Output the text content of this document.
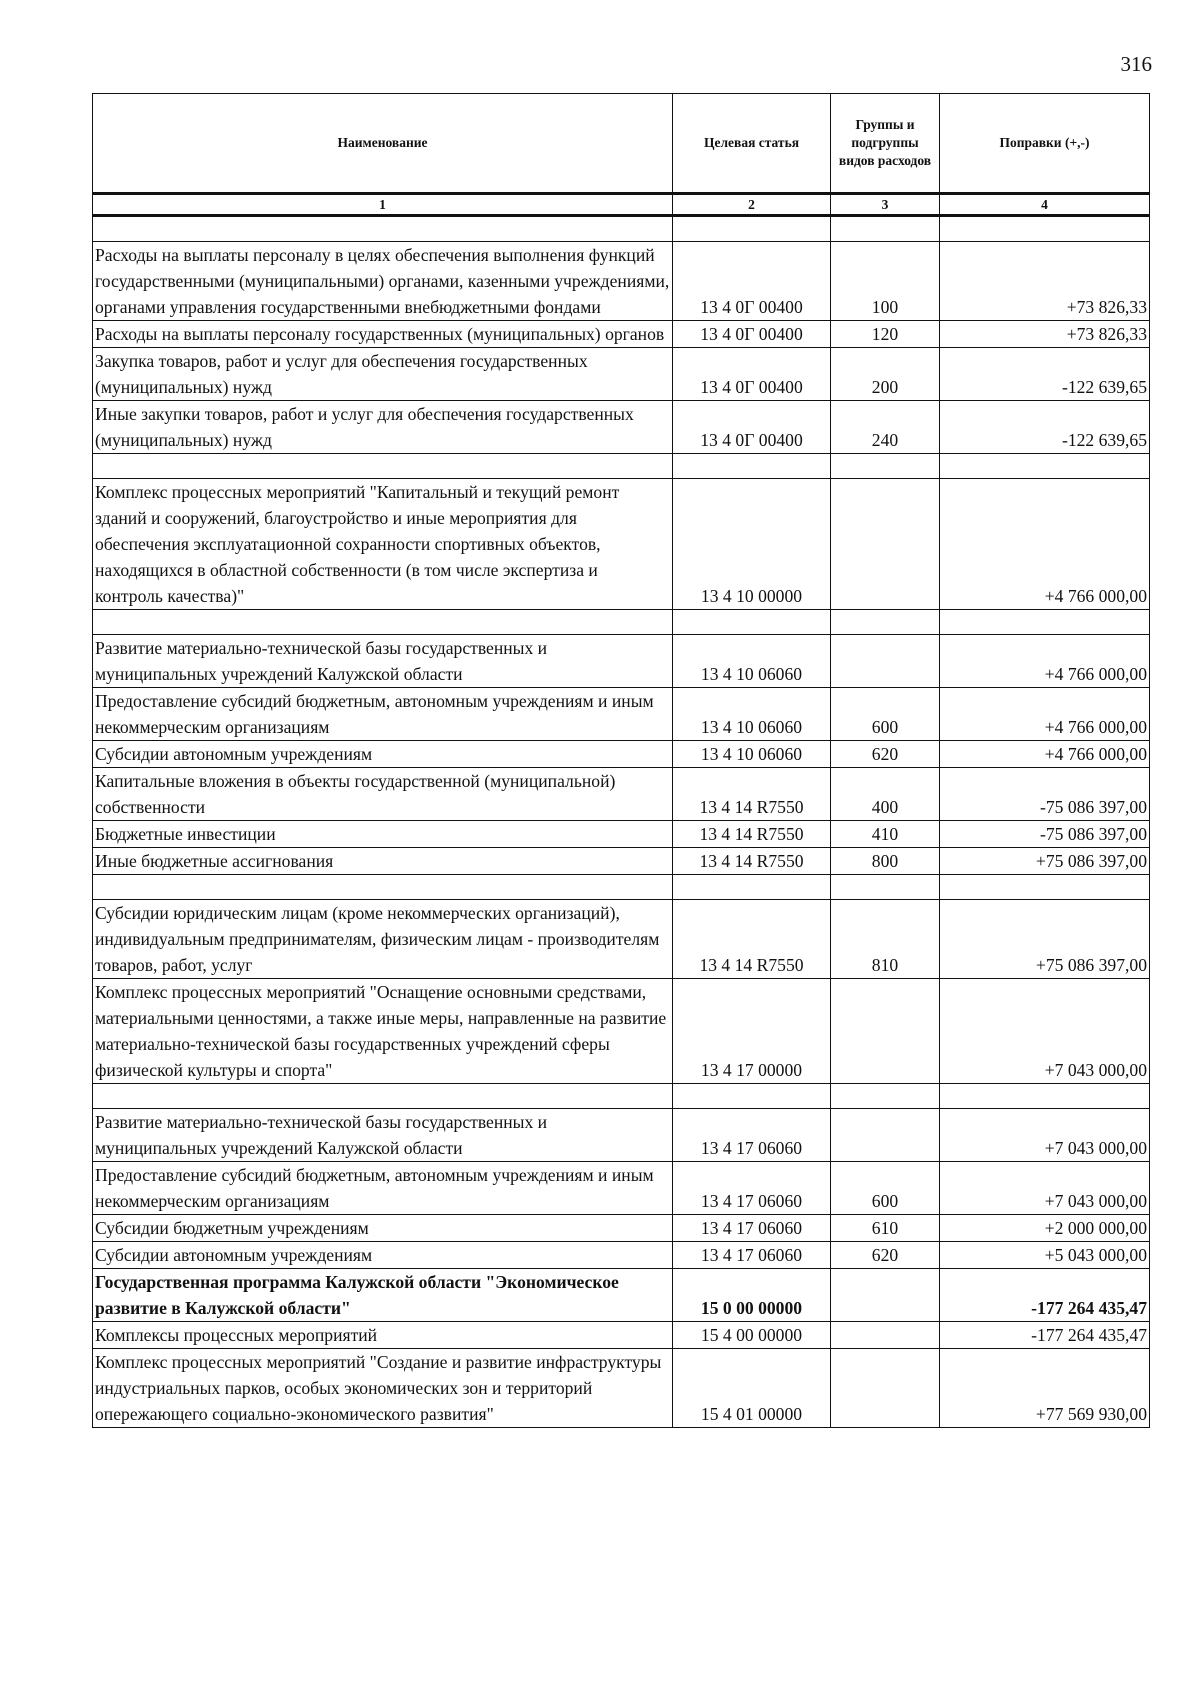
316
Наименование	Целевая статья	Группы и подгруппы видов расходов	Поправки (+,-)
1	2	3	4

Расходы на выплаты персоналу в целях обеспечения выполнения функций государственными (муниципальными) органами, казенными учреждениями, органами управления государственными внебюджетными фондами	13 4 0Г 00400	100	+73 826,33
Расходы на выплаты персоналу государственных (муниципальных) органов	13 4 0Г 00400	120	+73 826,33
Закупка товаров, работ и услуг для обеспечения государственных (муниципальных) нужд	13 4 0Г 00400	200	-122 639,65
Иные закупки товаров, работ и услуг для обеспечения государственных (муниципальных) нужд	13 4 0Г 00400	240	-122 639,65

Комплекс процессных мероприятий "Капитальный и текущий ремонт зданий и сооружений, благоустройство и иные мероприятия для обеспечения эксплуатационной сохранности спортивных объектов, находящихся в областной собственности (в том числе экспертиза и контроль качества)"	13 4 10 00000		+4 766 000,00

Развитие материально-технической базы государственных и муниципальных учреждений Калужской области	13 4 10 06060		+4 766 000,00
Предоставление субсидий бюджетным, автономным учреждениям и иным некоммерческим организациям	13 4 10 06060	600	+4 766 000,00
Субсидии автономным учреждениям	13 4 10 06060	620	+4 766 000,00
Капитальные вложения в объекты государственной (муниципальной) собственности	13 4 14 R7550	400	-75 086 397,00
Бюджетные инвестиции	13 4 14 R7550	410	-75 086 397,00
Иные бюджетные ассигнования	13 4 14 R7550	800	+75 086 397,00

Субсидии юридическим лицам (кроме некоммерческих организаций), индивидуальным предпринимателям, физическим лицам - производителям товаров, работ, услуг	13 4 14 R7550	810	+75 086 397,00
Комплекс процессных мероприятий "Оснащение основными средствами, материальными ценностями, а также иные меры, направленные на развитие материально-технической базы государственных учреждений сферы физической культуры и спорта"	13 4 17 00000		+7 043 000,00

Развитие материально-технической базы государственных и муниципальных учреждений Калужской области	13 4 17 06060		+7 043 000,00
Предоставление субсидий бюджетным, автономным учреждениям и иным некоммерческим организациям	13 4 17 06060	600	+7 043 000,00
Субсидии бюджетным учреждениям	13 4 17 06060	610	+2 000 000,00
Субсидии автономным учреждениям	13 4 17 06060	620	+5 043 000,00
Государственная программа Калужской области "Экономическое развитие в Калужской области"	15 0 00 00000		-177 264 435,47
Комплексы процессных мероприятий	15 4 00 00000		-177 264 435,47
Комплекс процессных мероприятий "Создание и развитие инфраструктуры индустриальных парков, особых экономических зон и территорий опережающего социально-экономического развития"	15 4 01 00000		+77 569 930,00
